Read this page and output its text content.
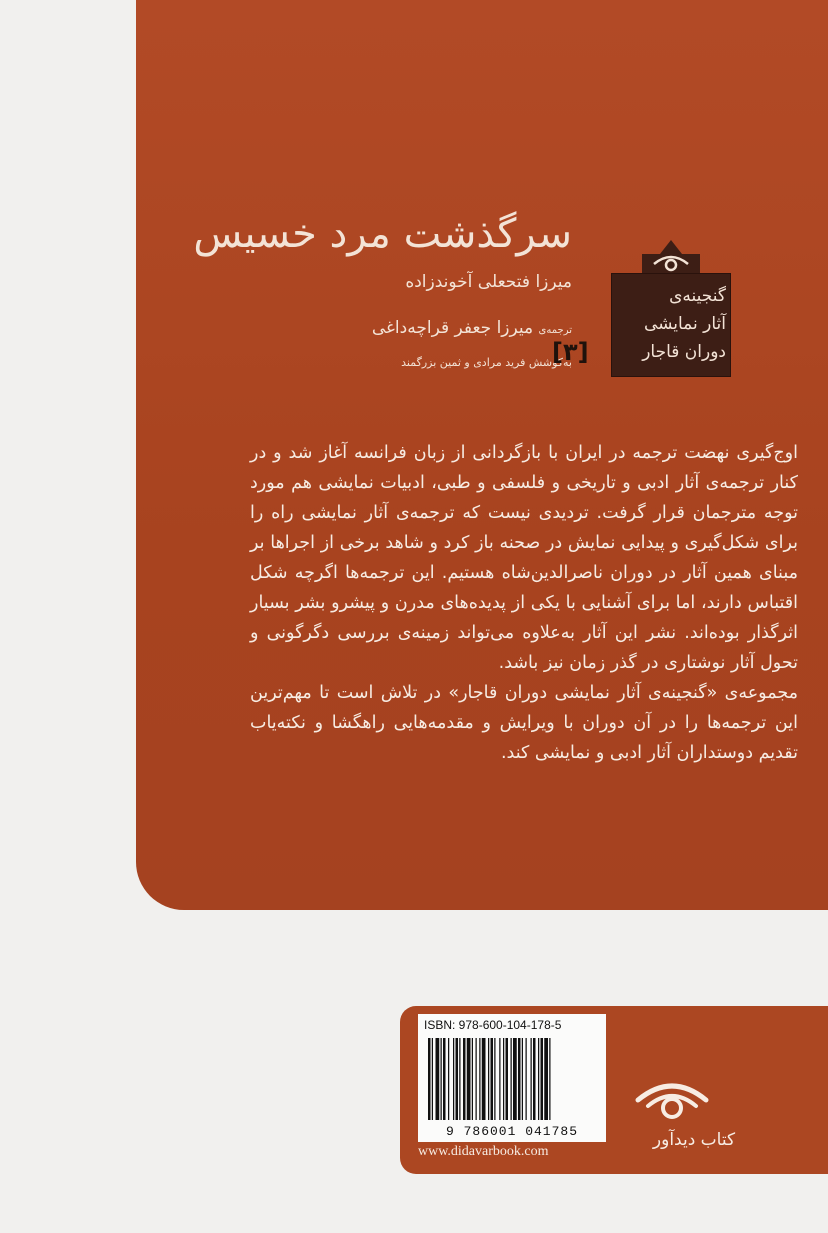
سرگذشت مرد خسیس
میرزا فتحعلی آخوندزاده
ترجمه‌ی میرزا جعفر قراچه‌داغی
به‌کوشش فرید مرادی و ثمین بزرگمند
[۳]
گنجینه‌ی
آثار نمایشی
دوران قاجار

اوج‌گیری نهضت ترجمه در ایران با بازگردانی از زبان فرانسه آغاز شد و در کنار ترجمه‌ی آثار ادبی و تاریخی و فلسفی و طبی، ادبیات نمایشی هم مورد توجه مترجمان قرار گرفت. تردیدی نیست که ترجمه‌ی آثار نمایشی راه را برای شکل‌گیری و پیدایی نمایش در صحنه باز کرد و شاهد برخی از اجراها بر مبنای همین آثار در دوران ناصرالدین‌شاه هستیم. این ترجمه‌ها اگرچه شکل اقتباس دارند، اما برای آشنایی با یکی از پدیده‌های مدرن و پیشرو بشر بسیار اثرگذار بوده‌اند. نشر این آثار به‌علاوه می‌تواند زمینه‌ی بررسی دگرگونی و تحول آثار نوشتاری در گذر زمان نیز باشد.

مجموعه‌ی «گنجینه‌ی آثار نمایشی دوران قاجار» در تلاش است تا مهم‌ترین این ترجمه‌ها را در آن دوران با ویرایش و مقدمه‌هایی راهگشا و نکته‌یاب تقدیم دوستداران آثار ادبی و نمایشی کند.

ISBN: 978-600-104-178-5
9 786001 041785
www.didavarbook.com
کتاب دیدآور
